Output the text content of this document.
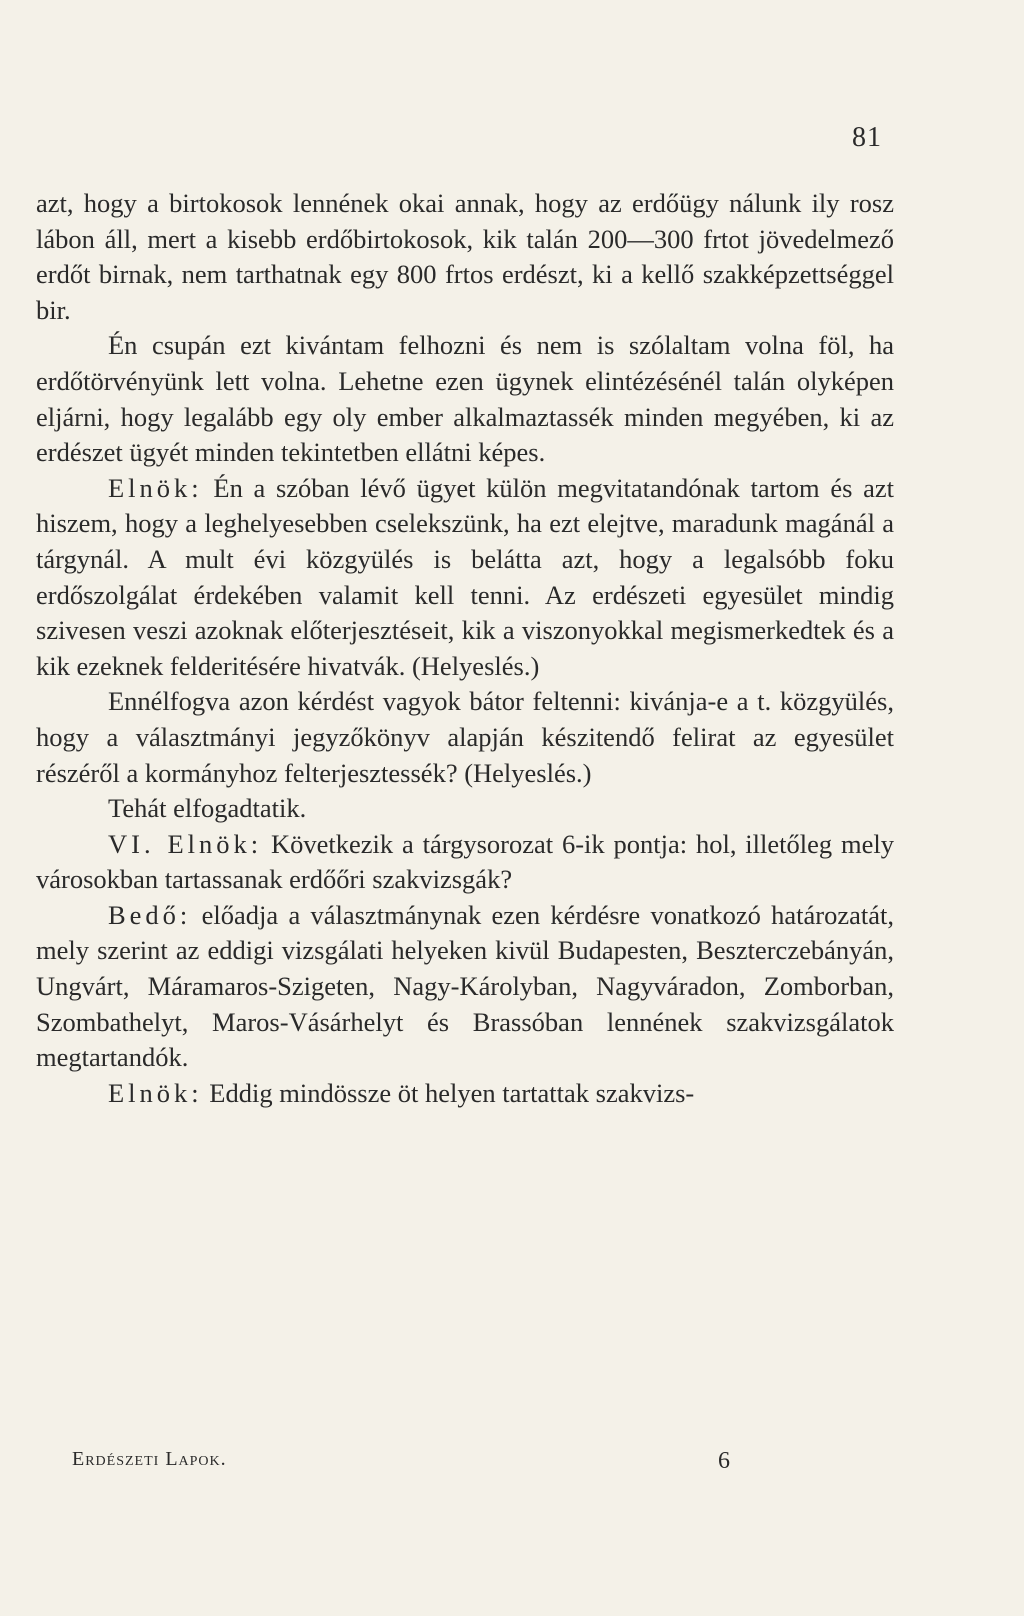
81

azt, hogy a birtokosok lennének okai annak, hogy az erdőügy nálunk ily rosz lábon áll, mert a kisebb erdőbirtokosok, kik talán 200—300 frtot jövedelmező erdőt birnak, nem tarthatnak egy 800 frtos erdészt, ki a kellő szakképzettséggel bir.

Én csupán ezt kivántam felhozni és nem is szólaltam volna föl, ha erdőtörvényünk lett volna. Lehetne ezen ügynek elintézésénél talán olyképen eljárni, hogy legalább egy oly ember alkalmaztassék minden megyében, ki az erdészet ügyét minden tekintetben ellátni képes.

Elnök: Én a szóban lévő ügyet külön megvitatandónak tartom és azt hiszem, hogy a leghelyesebben cselekszünk, ha ezt elejtve, maradunk magánál a tárgynál. A mult évi közgyülés is belátta azt, hogy a legalsóbb foku erdőszolgálat érdekében valamit kell tenni. Az erdészeti egyesület mindig szivesen veszi azoknak előterjesztéseit, kik a viszonyokkal megismerkedtek és a kik ezeknek felderitésére hivatvák. (Helyeslés.)

Ennélfogva azon kérdést vagyok bátor feltenni: kivánja-e a t. közgyülés, hogy a választmányi jegyzőkönyv alapján készitendő felirat az egyesület részéről a kormányhoz felterjesztessék? (Helyeslés.)

Tehát elfogadtatik.

VI. Elnök: Következik a tárgysorozat 6-ik pontja: hol, illetőleg mely városokban tartassanak erdőőri szakvizsgák?

Bedő: előadja a választmánynak ezen kérdésre vonatkozó határozatát, mely szerint az eddigi vizsgálati helyeken kivül Budapesten, Beszterczebányán, Ungvárt, Máramaros-Szigeten, Nagy-Károlyban, Nagyváradon, Zomborban, Szombathelyt, Maros-Vásárhelyt és Brassóban lennének szakvizsgálatok megtartandók.

Elnök: Eddig mindössze öt helyen tartattak szakvizs-

Erdészeti Lapok.	6
